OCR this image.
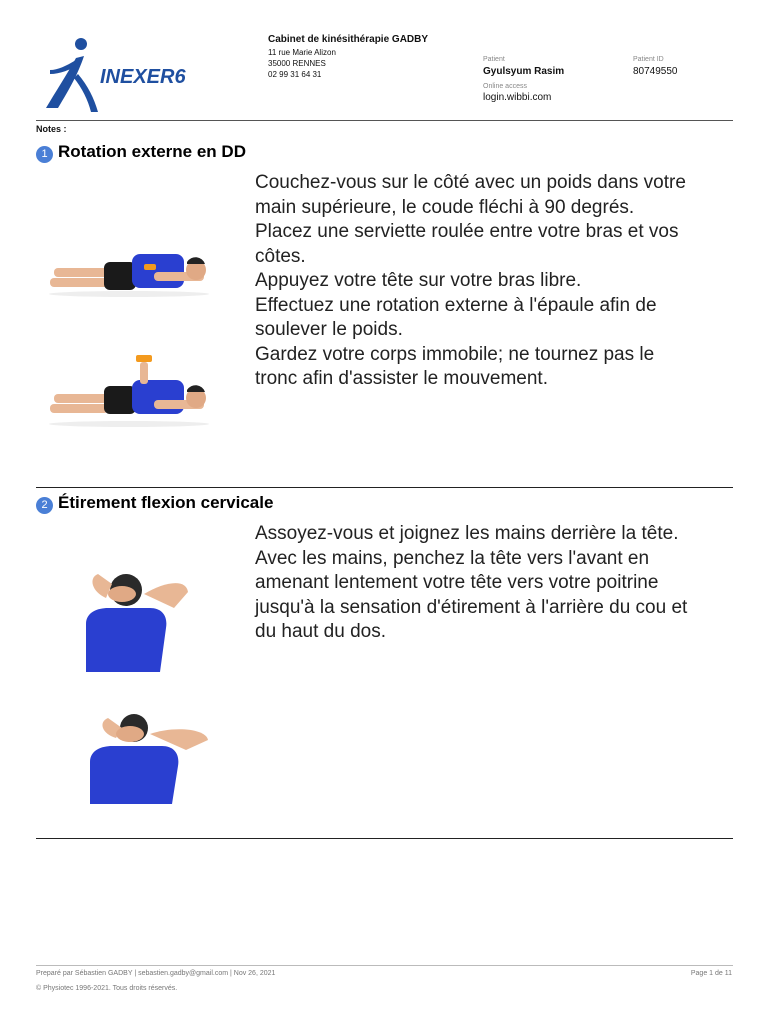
INEXER6
Cabinet de kinésithérapie GADBY
11 rue Marie Alizon
35000 RENNES
02 99 31 64 31
Patient
Gyulsyum Rasim
Patient ID
80749550
Online access
login.wibbi.com
Notes :
1 Rotation externe en DD
Couchez-vous sur le côté avec un poids dans votre
main supérieure, le coude fléchi à 90 degrés.
Placez une serviette roulée entre votre bras et vos
côtes.
Appuyez votre tête sur votre bras libre.
Effectuez une rotation externe à l'épaule afin de
soulever le poids.
Gardez votre corps immobile; ne tournez pas le
tronc afin d'assister le mouvement.
2 Étirement flexion cervicale
Assoyez-vous et joignez les mains derrière la tête.
Avec les mains, penchez la tête vers l'avant en
amenant lentement votre tête vers votre poitrine
jusqu'à la sensation d'étirement à l'arrière du cou et
du haut du dos.
Preparé par Sébastien GADBY | sebastien.gadby@gmail.com | Nov 26, 2021	Page 1 de 11
© Physiotec 1996-2021. Tous droits réservés.
